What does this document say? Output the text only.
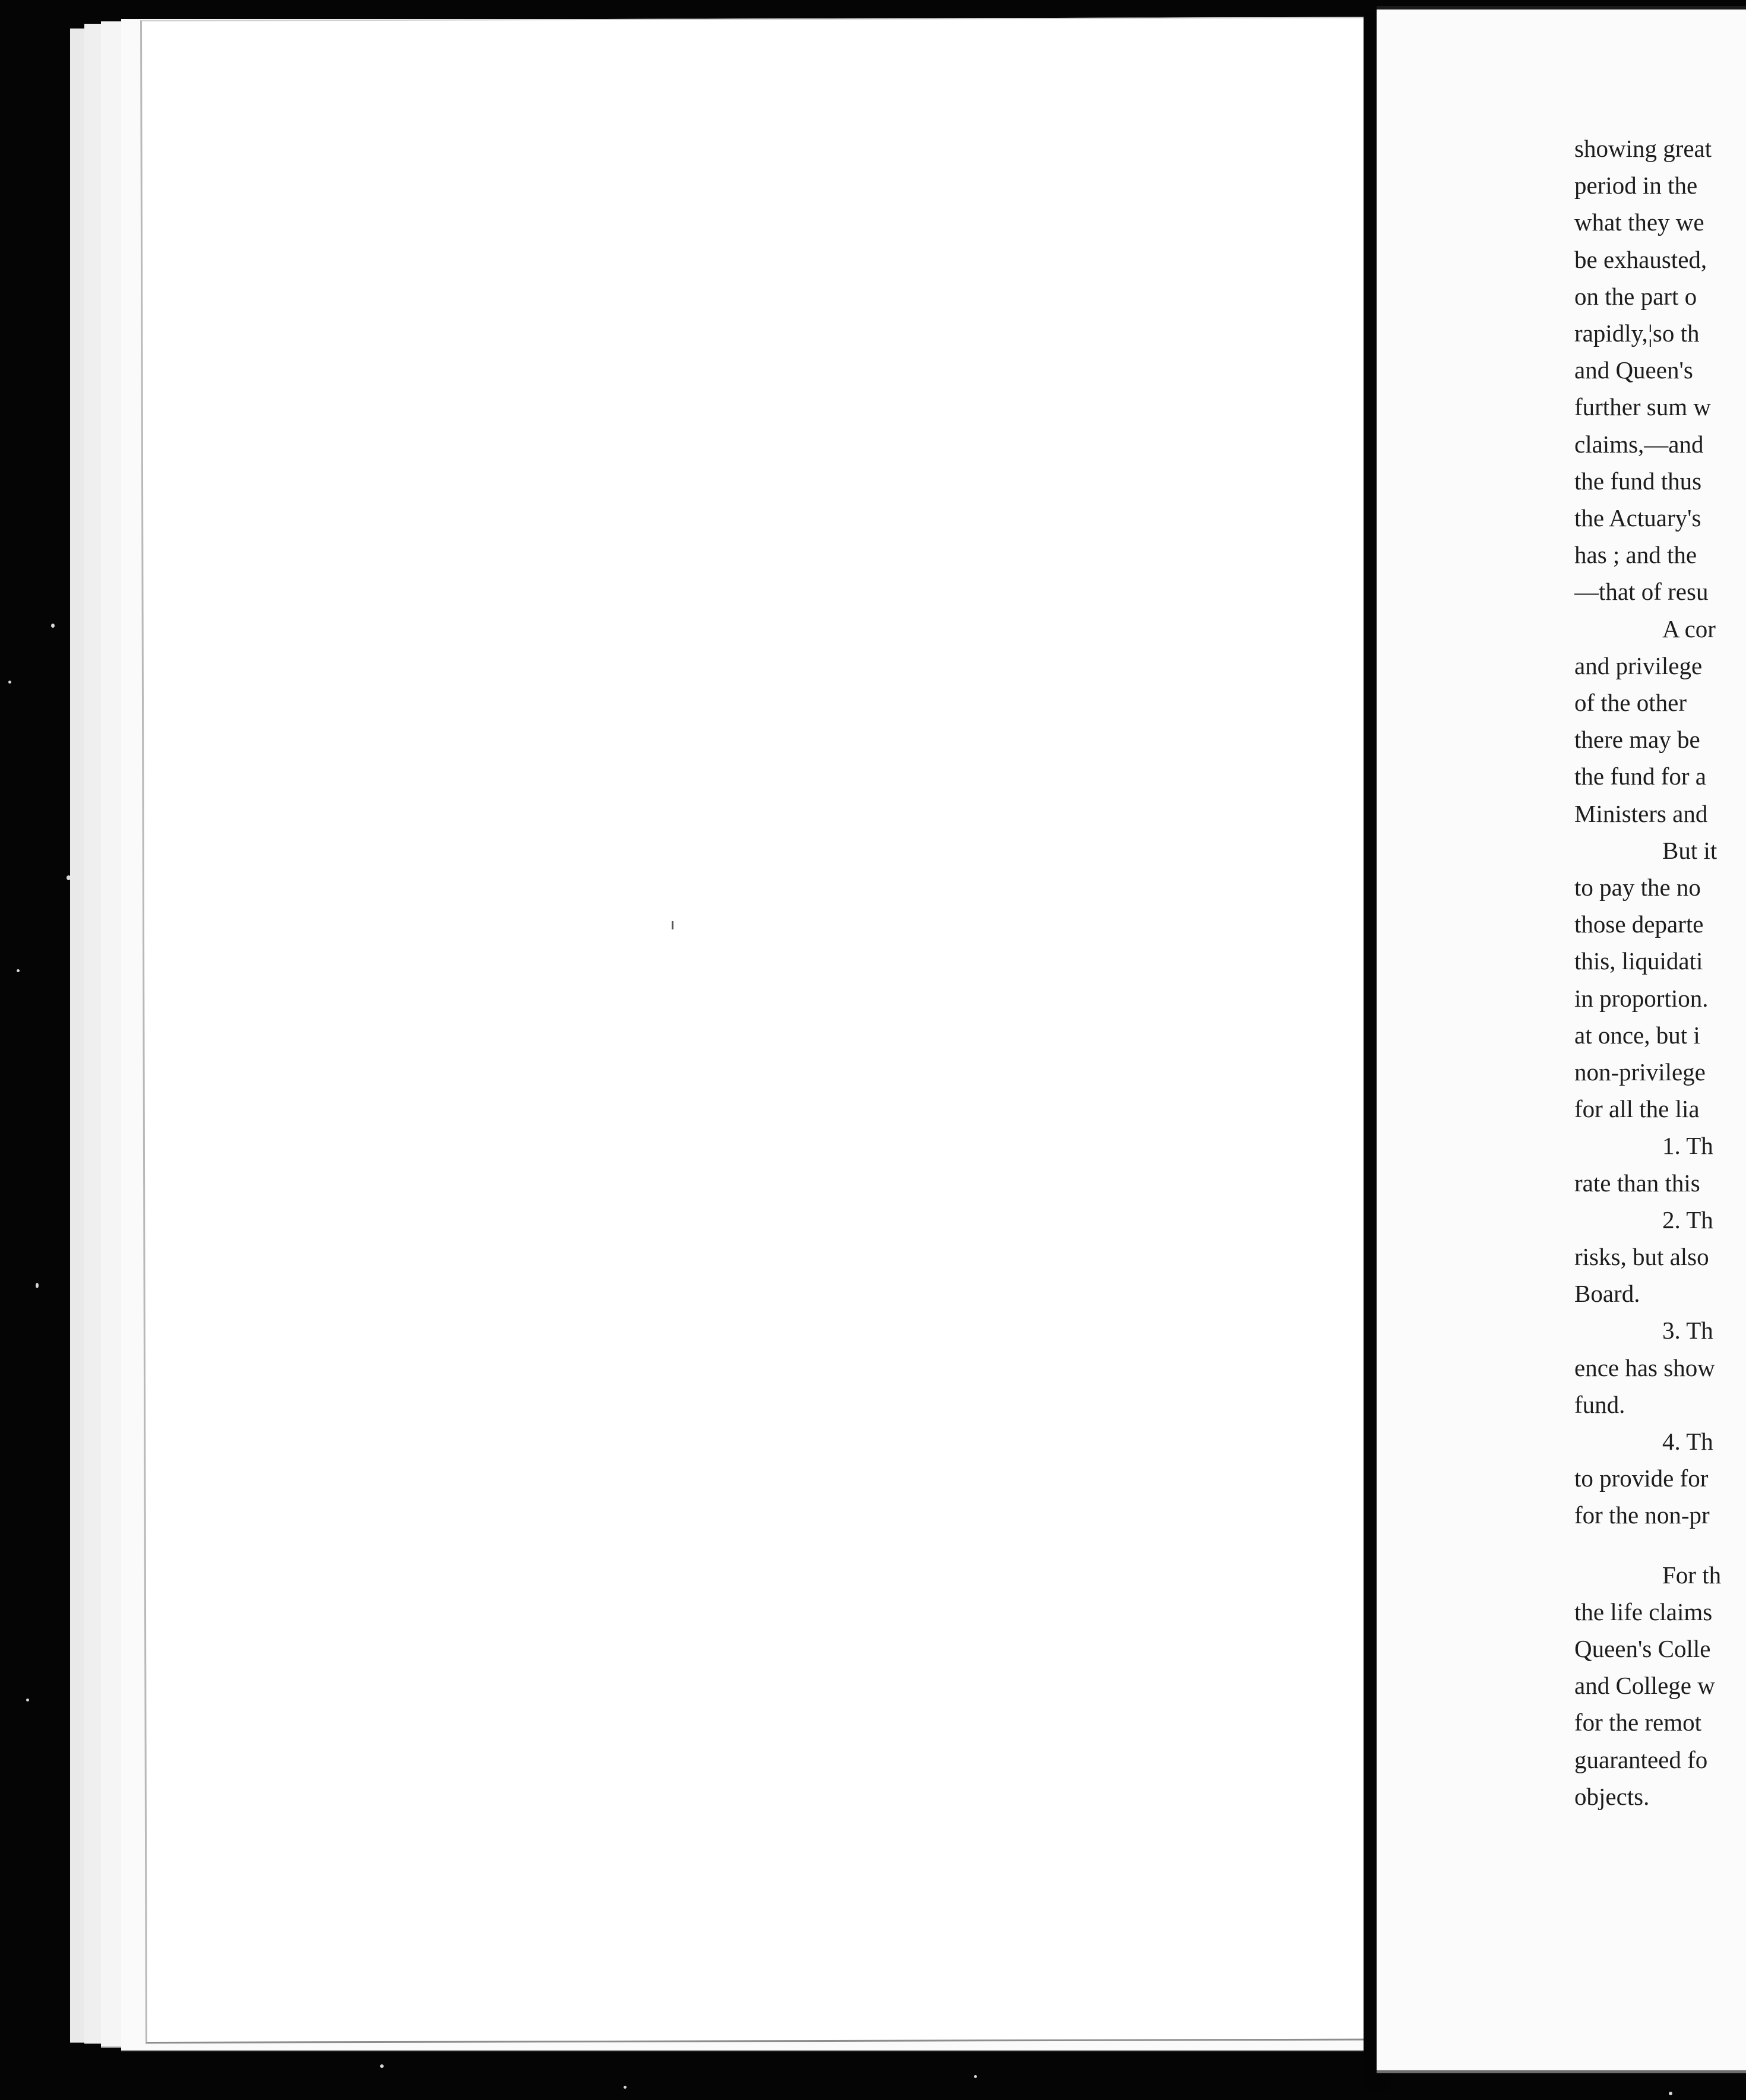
showing great
period in the
what they we
be exhausted,
on the part o
rapidly,¦so th
and Queen's
further sum w
claims,—and
the fund thus
the Actuary's
has ; and the
—that of resu
A cor
and privilege
of the other
there may be
the fund for a
Ministers and
But it
to pay the no
those departe
this, liquidati
in proportion.
at once, but i
non-privilege
for all the lia
1. Th
rate than this
2. Th
risks, but also
Board.
3. Th
ence has show
fund.
4. Th
to provide for
for the non-pr
For th
the life claims
Queen's Colle
and College w
for the remot
guaranteed fo
objects.
